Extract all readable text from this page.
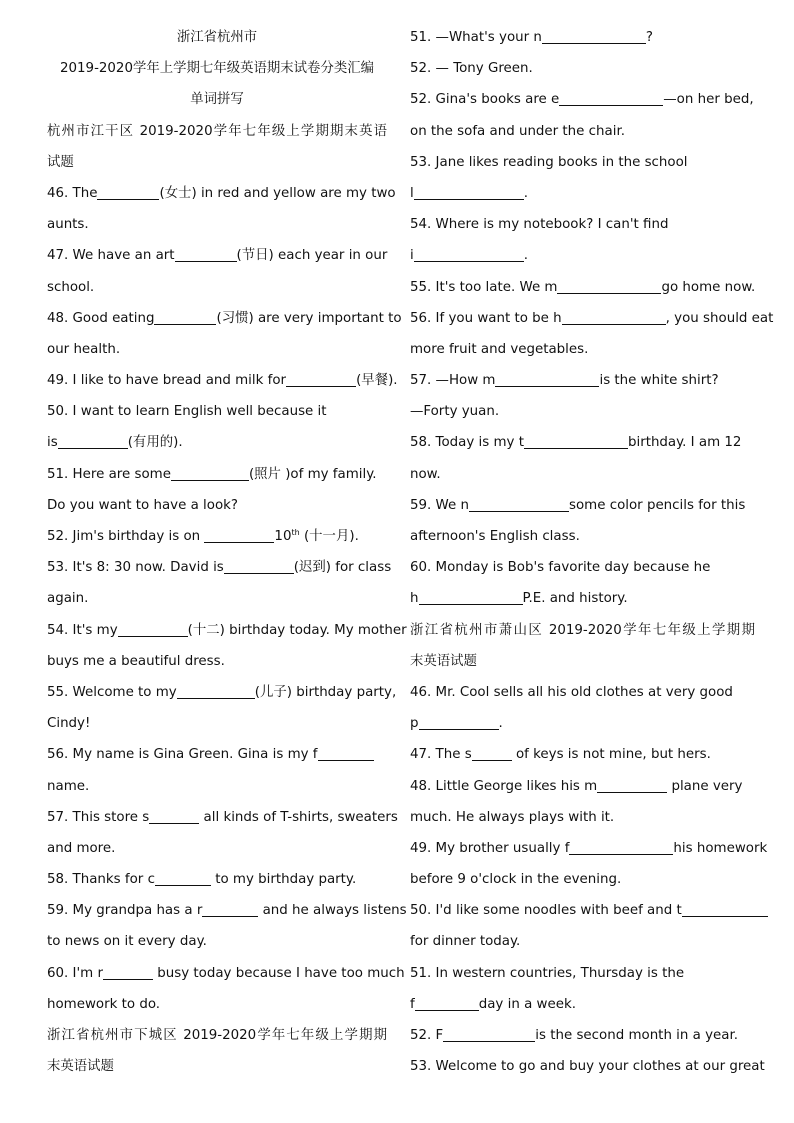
浙江省杭州市
2019-2020学年上学期七年级英语期末试卷分类汇编
单词拼写
杭州市江干区 2019-2020学年七年级上学期期末英语
试题
46. The	(女士) in red and yellow are my two
aunts.
47. We have an art	(节日) each year in our
school.
48. Good eating	(习惯) are very important to
our health.
49. I like to have bread and milk for	(早餐).
50. I want to learn English well because it
is	(有用的).
51. Here are some	(照片 )of my family.
Do you want to have a look?
52. Jim's birthday is on	10th (十一月).
53. It's 8: 30 now. David is	(迟到) for class
again.
54. It's my	(十二) birthday today. My mother
buys me a beautiful dress.
55. Welcome to my	(儿子) birthday party,
Cindy!
56. My name is Gina Green. Gina is my f
name.
57. This store s	all kinds of T-shirts, sweaters
and more.
58. Thanks for c	to my birthday party.
59. My grandpa has a r	and he always listens
to news on it every day.
60. I'm r	busy today because I have too much
homework to do.
浙江省杭州市下城区 2019-2020学年七年级上学期期
末英语试题
51. —What's your n	?
52. — Tony Green.
52. Gina's books are e	—on her bed,
on the sofa and under the chair.
53. Jane likes reading books in the school
l	.
54. Where is my notebook? I can't find
i	.
55. It's too late. We m	go home now.
56. If you want to be h	, you should eat
more fruit and vegetables.
57. —How m	is the white shirt?
—Forty yuan.
58. Today is my t	birthday. I am 12
now.
59. We n	some color pencils for this
afternoon's English class.
60. Monday is Bob's favorite day because he
h	P.E. and history.
浙江省杭州市萧山区 2019-2020学年七年级上学期期
末英语试题
46. Mr. Cool sells all his old clothes at very good
p	.
47. The s	of keys is not mine, but hers.
48. Little George likes his m	plane very
much. He always plays with it.
49. My brother usually f	his homework
before 9 o'clock in the evening.
50. I'd like some noodles with beef and t
for dinner today.
51. In western countries, Thursday is the
f	day in a week.
52. F	is the second month in a year.
53. Welcome to go and buy your clothes at our great
